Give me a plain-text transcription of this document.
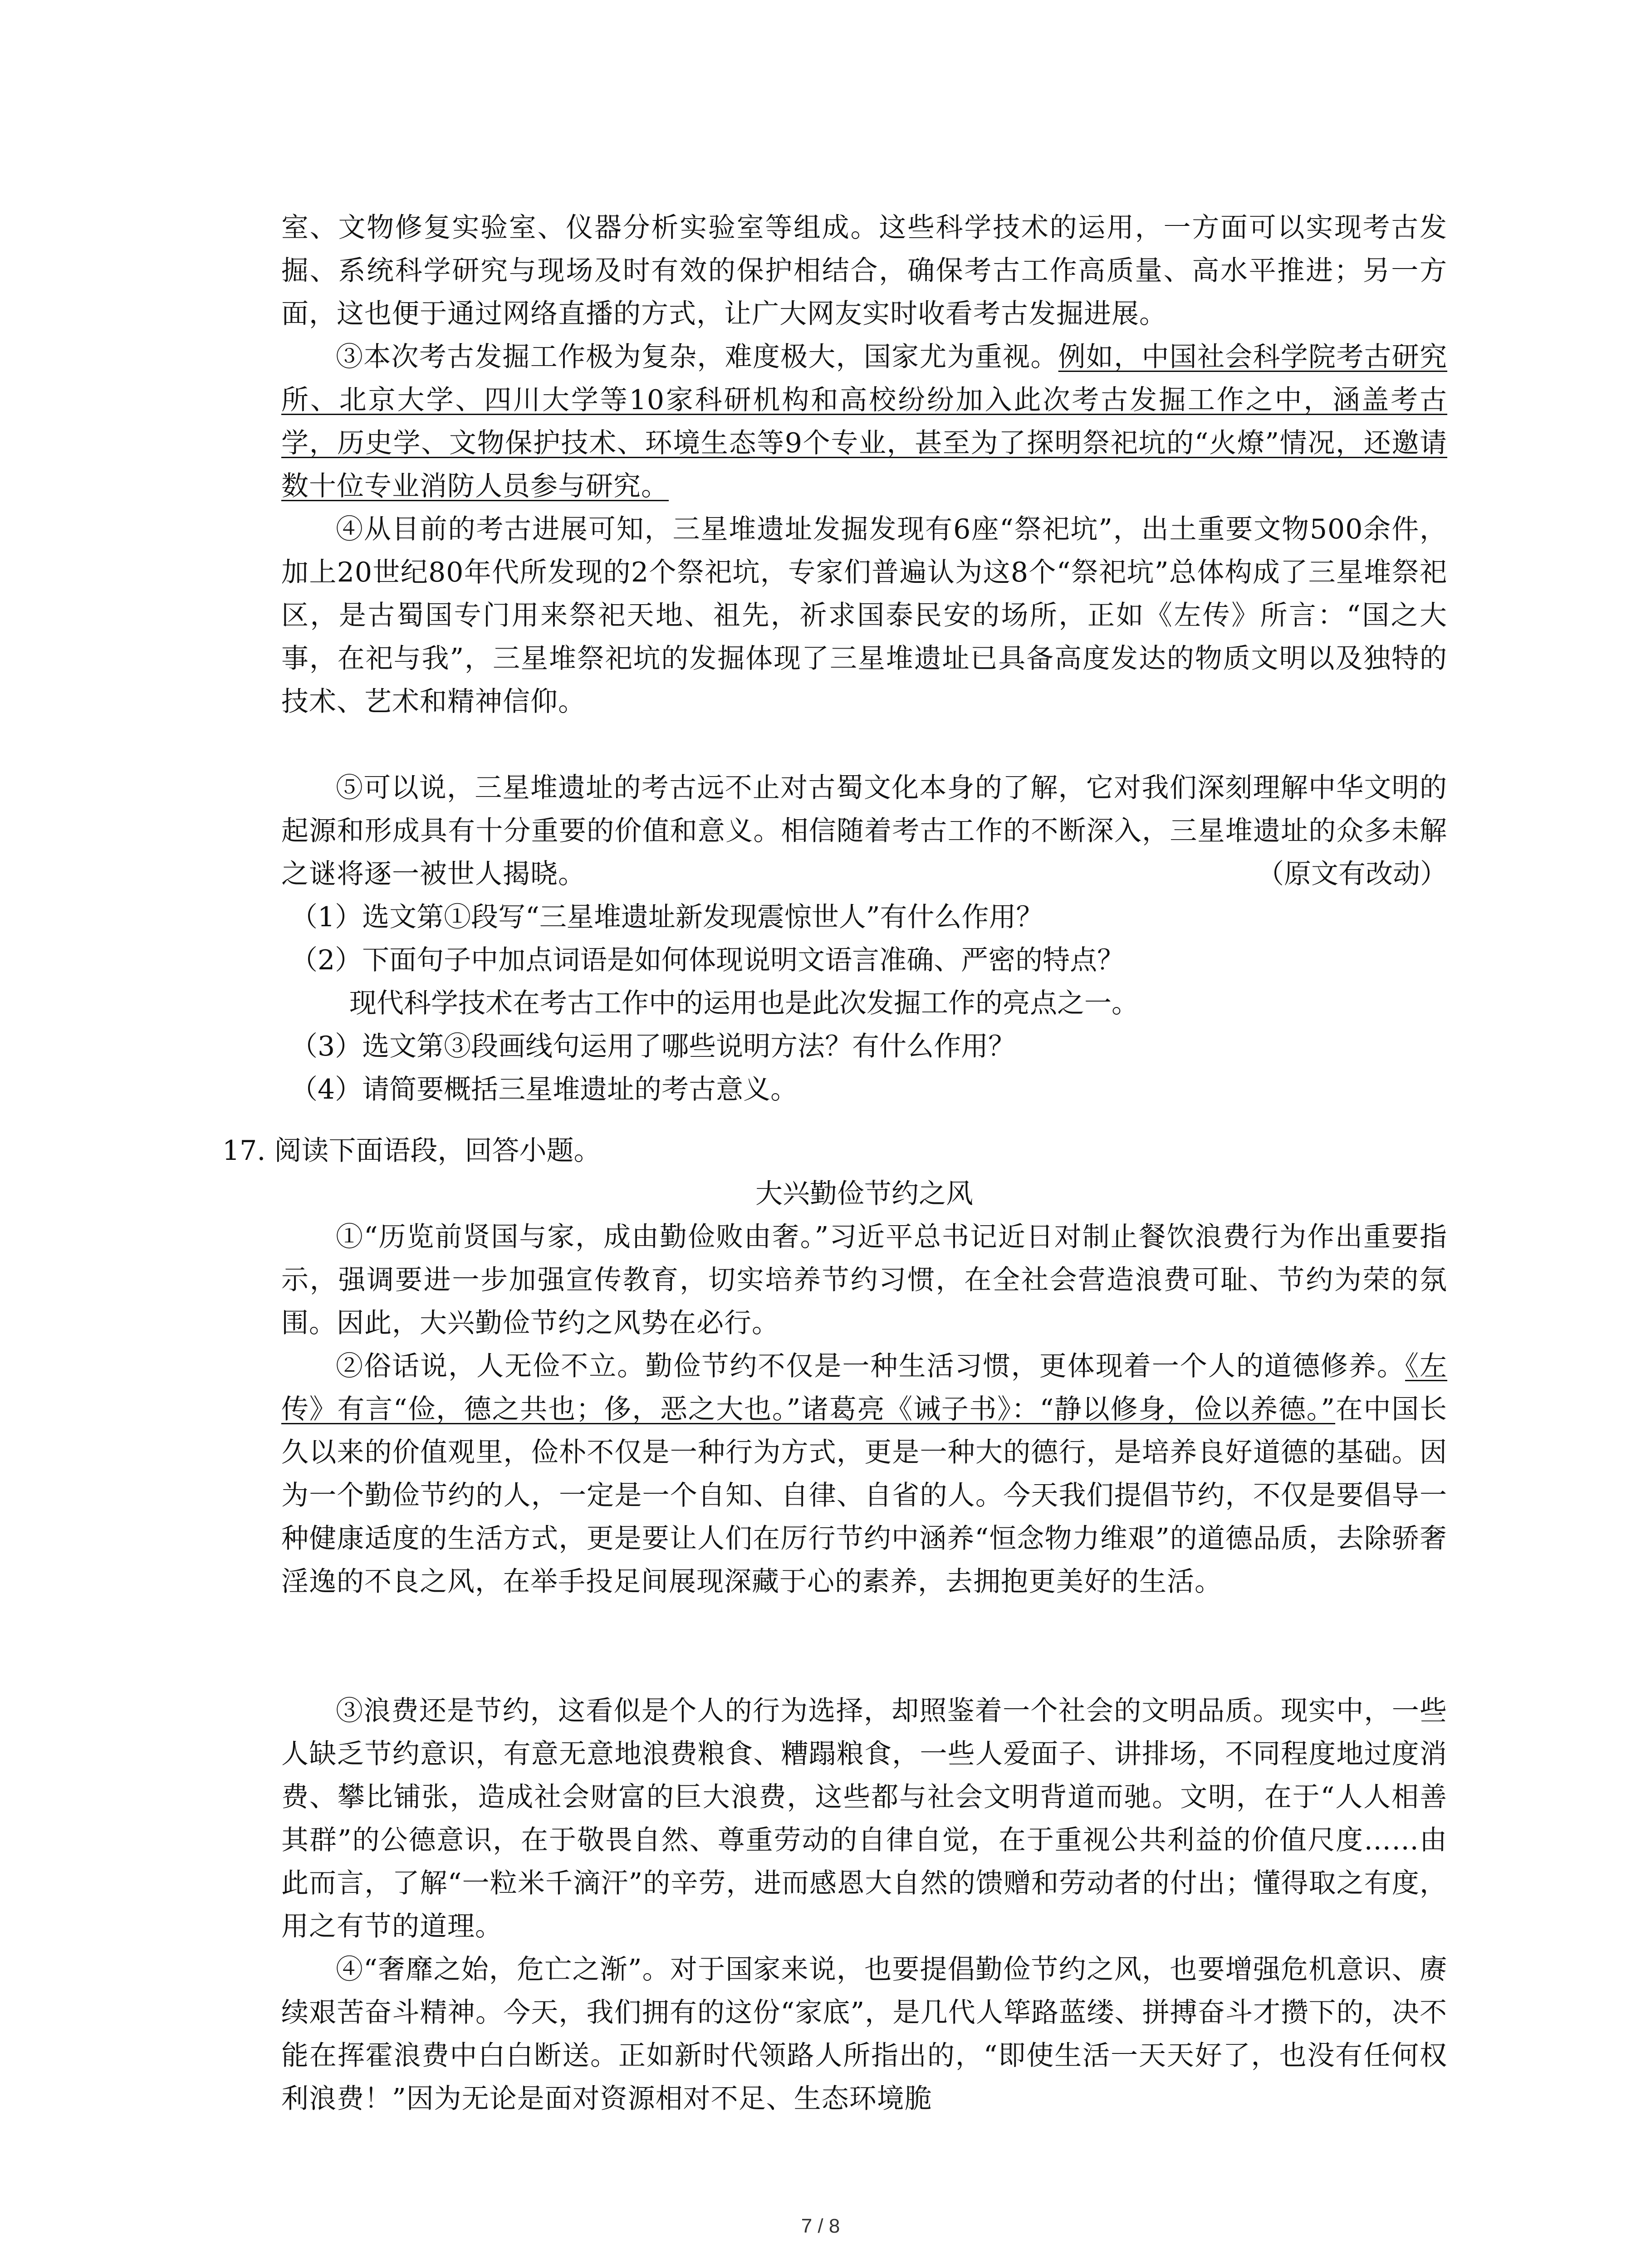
室、文物修复实验室、仪器分析实验室等组成。这些科学技术的运用，一方面可以实现考古发掘、系统科学研究与现场及时有效的保护相结合，确保考古工作高质量、高水平推进；另一方面，这也便于通过网络直播的方式，让广大网友实时收看考古发掘进展。

③本次考古发掘工作极为复杂，难度极大，国家尤为重视。例如，中国社会科学院考古研究所、北京大学、四川大学等10家科研机构和高校纷纷加入此次考古发掘工作之中，涵盖考古学，历史学、文物保护技术、环境生态等9个专业，甚至为了探明祭祀坑的“火燎”情况，还邀请数十位专业消防人员参与研究。

④从目前的考古进展可知，三星堆遗址发掘发现有6座“祭祀坑”，出土重要文物500余件，加上20世纪80年代所发现的2个祭祀坑，专家们普遍认为这8个“祭祀坑”总体构成了三星堆祭祀区，是古蜀国专门用来祭祀天地、祖先，祈求国泰民安的场所，正如《左传》所言：“国之大事，在祀与我”，三星堆祭祀坑的发掘体现了三星堆遗址已具备高度发达的物质文明以及独特的技术、艺术和精神信仰。

⑤可以说，三星堆遗址的考古远不止对古蜀文化本身的了解，它对我们深刻理解中华文明的起源和形成具有十分重要的价值和意义。相信随着考古工作的不断深入，三星堆遗址的众多未解之谜将逐一被世人揭晓。	（原文有改动）

（1）选文第①段写“三星堆遗址新发现震惊世人”有什么作用？

（2）下面句子中加点词语是如何体现说明文语言准确、严密的特点？

现代科学技术在考古工作中的运用也是此次发掘工作的亮点之一。

（3）选文第③段画线句运用了哪些说明方法？有什么作用？

（4）请简要概括三星堆遗址的考古意义。

17. 阅读下面语段，回答小题。

大兴勤俭节约之风

①“历览前贤国与家，成由勤俭败由奢。”习近平总书记近日对制止餐饮浪费行为作出重要指示，强调要进一步加强宣传教育，切实培养节约习惯，在全社会营造浪费可耻、节约为荣的氛围。因此，大兴勤俭节约之风势在必行。

②俗话说，人无俭不立。勤俭节约不仅是一种生活习惯，更体现着一个人的道德修养。《左传》有言“俭，德之共也；侈，恶之大也。”诸葛亮《诫子书》：“静以修身，俭以养德。”在中国长久以来的价值观里，俭朴不仅是一种行为方式，更是一种大的德行，是培养良好道德的基础。因为一个勤俭节约的人，一定是一个自知、自律、自省的人。今天我们提倡节约，不仅是要倡导一种健康适度的生活方式，更是要让人们在厉行节约中涵养“恒念物力维艰”的道德品质，去除骄奢淫逸的不良之风，在举手投足间展现深藏于心的素养，去拥抱更美好的生活。

③浪费还是节约，这看似是个人的行为选择，却照鉴着一个社会的文明品质。现实中，一些人缺乏节约意识，有意无意地浪费粮食、糟蹋粮食，一些人爱面子、讲排场，不同程度地过度消费、攀比铺张，造成社会财富的巨大浪费，这些都与社会文明背道而驰。文明，在于“人人相善其群”的公德意识，在于敬畏自然、尊重劳动的自律自觉，在于重视公共利益的价值尺度……由此而言，了解“一粒米千滴汗”的辛劳，进而感恩大自然的馈赠和劳动者的付出；懂得取之有度，用之有节的道理。

④“奢靡之始，危亡之渐”。对于国家来说，也要提倡勤俭节约之风，也要增强危机意识、赓续艰苦奋斗精神。今天，我们拥有的这份“家底”，是几代人筚路蓝缕、拼搏奋斗才攒下的，决不能在挥霍浪费中白白断送。正如新时代领路人所指出的，“即使生活一天天好了，也没有任何权利浪费！”因为无论是面对资源相对不足、生态环境脆

7 / 8
